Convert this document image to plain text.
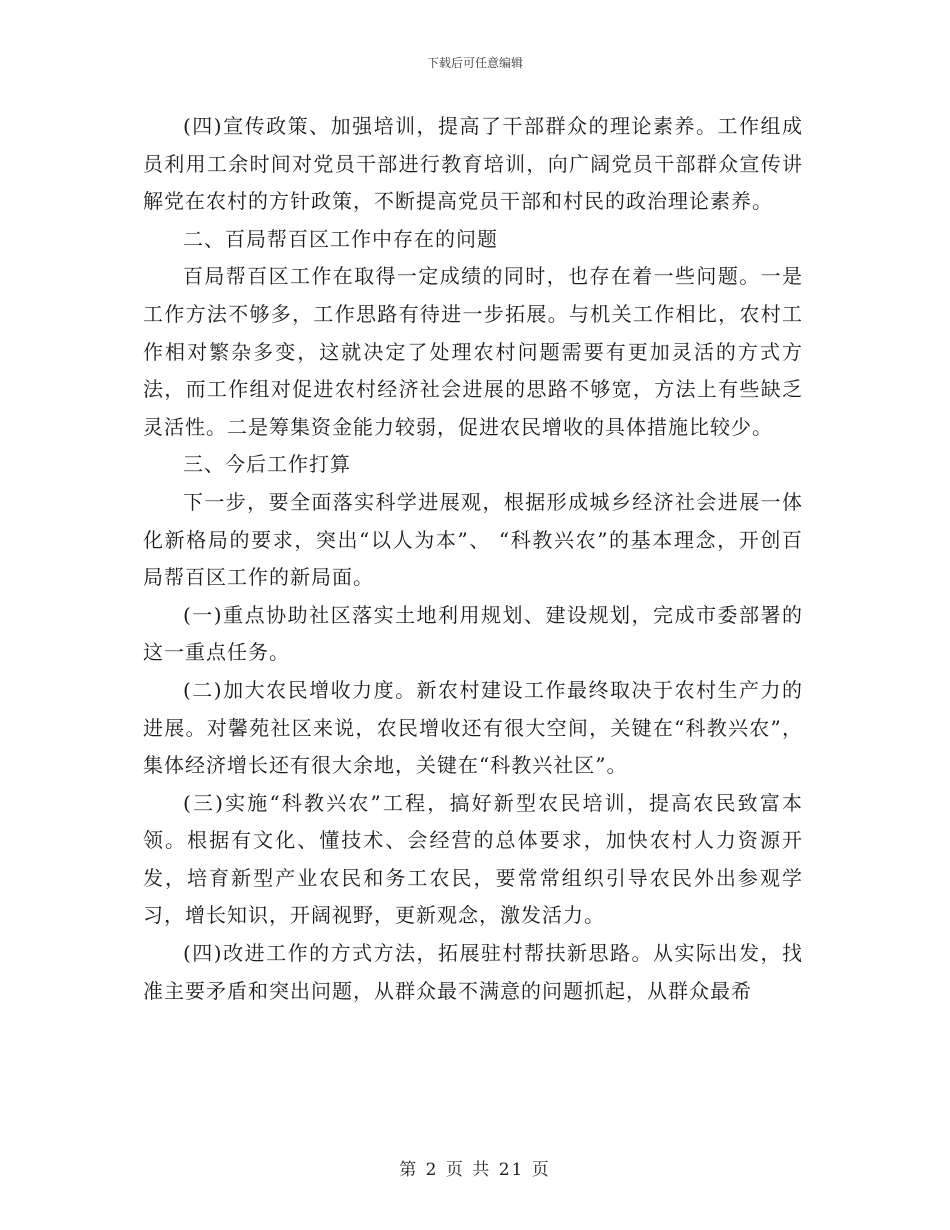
下载后可任意编辑

(四)宣传政策、加强培训，提高了干部群众的理论素养。工作组成员利用工余时间对党员干部进行教育培训，向广阔党员干部群众宣传讲解党在农村的方针政策，不断提高党员干部和村民的政治理论素养。

二、百局帮百区工作中存在的问题

百局帮百区工作在取得一定成绩的同时，也存在着一些问题。一是工作方法不够多，工作思路有待进一步拓展。与机关工作相比，农村工作相对繁杂多变，这就决定了处理农村问题需要有更加灵活的方式方法，而工作组对促进农村经济社会进展的思路不够宽，方法上有些缺乏灵活性。二是筹集资金能力较弱，促进农民增收的具体措施比较少。

三、今后工作打算

下一步，要全面落实科学进展观，根据形成城乡经济社会进展一体化新格局的要求，突出“以人为本”、 “科教兴农”的基本理念，开创百局帮百区工作的新局面。

(一)重点协助社区落实土地利用规划、建设规划，完成市委部署的这一重点任务。

(二)加大农民增收力度。新农村建设工作最终取决于农村生产力的进展。对馨苑社区来说，农民增收还有很大空间，关键在“科教兴农”，集体经济增长还有很大余地，关键在“科教兴社区”。

(三)实施“科教兴农”工程，搞好新型农民培训，提高农民致富本领。根据有文化、懂技术、会经营的总体要求，加快农村人力资源开发，培育新型产业农民和务工农民，要常常组织引导农民外出参观学习，增长知识，开阔视野，更新观念，激发活力。

(四)改进工作的方式方法，拓展驻村帮扶新思路。从实际出发，找准主要矛盾和突出问题，从群众最不满意的问题抓起，从群众最希

第 2 页 共 21 页
